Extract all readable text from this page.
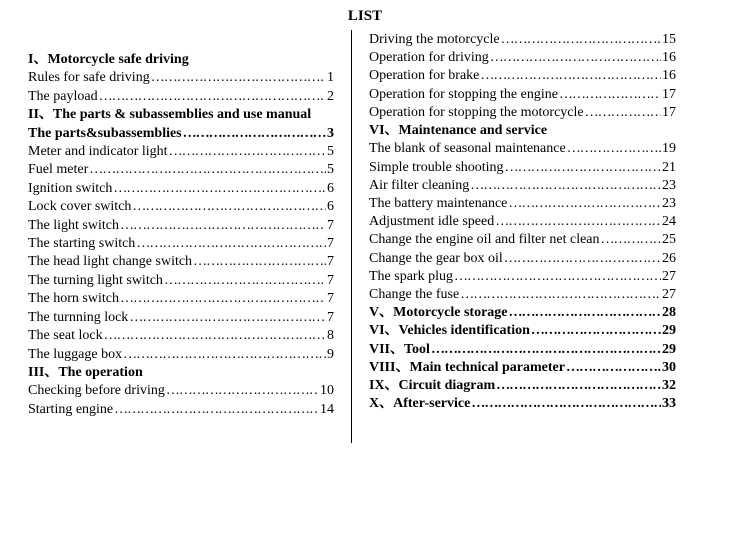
LIST
I、Motorcycle safe driving
Rules for safe driving …………………………………………………………………………………………………………………………	1
The payload …………………………………………………………………………………………………………………………	2
II、The parts & subassemblies and use manual
The parts&subassemblies …………………………………………………………………………………………………………………………	3
Meter and indicator light …………………………………………………………………………………………………………………………	5
Fuel meter …………………………………………………………………………………………………………………………	5
Ignition switch …………………………………………………………………………………………………………………………	6
Lock cover switch …………………………………………………………………………………………………………………………	6
The light switch …………………………………………………………………………………………………………………………	7
The starting switch …………………………………………………………………………………………………………………………	7
The head light change switch …………………………………………………………………………………………………………………………	7
The turning light switch …………………………………………………………………………………………………………………………	7
The horn switch …………………………………………………………………………………………………………………………	7
The turnning lock …………………………………………………………………………………………………………………………	7
The seat lock …………………………………………………………………………………………………………………………	8
The luggage box …………………………………………………………………………………………………………………………	9
III、The operation
Checking before driving …………………………………………………………………………………………………………………………	10
Starting engine …………………………………………………………………………………………………………………………	14
Driving the motorcycle …………………………………………………………………………………………………………………………	15
Operation for driving …………………………………………………………………………………………………………………………	16
Operation for brake …………………………………………………………………………………………………………………………	16
Operation for stopping the engine …………………………………………………………………………………………………………………………	17
Operation for stopping the motorcycle …………………………………………………………………………………………………………………………	17
VI、Maintenance and service
The blank of seasonal maintenance …………………………………………………………………………………………………………………………	19
Simple trouble shooting …………………………………………………………………………………………………………………………	21
Air filter cleaning …………………………………………………………………………………………………………………………	23
The battery maintenance …………………………………………………………………………………………………………………………	23
Adjustment idle speed …………………………………………………………………………………………………………………………	24
Change the engine oil and filter net clean …………………………………………………………………………………………………………………………	25
Change the gear box oil …………………………………………………………………………………………………………………………	26
The spark plug …………………………………………………………………………………………………………………………	27
Change the fuse …………………………………………………………………………………………………………………………	27
V、Motorcycle storage …………………………………………………………………………………………………………………………	28
VI、Vehicles identification …………………………………………………………………………………………………………………………	29
VII、Tool …………………………………………………………………………………………………………………………	29
VIII、Main technical parameter …………………………………………………………………………………………………………………………	30
IX、Circuit diagram …………………………………………………………………………………………………………………………	32
X、After-service …………………………………………………………………………………………………………………………	33
